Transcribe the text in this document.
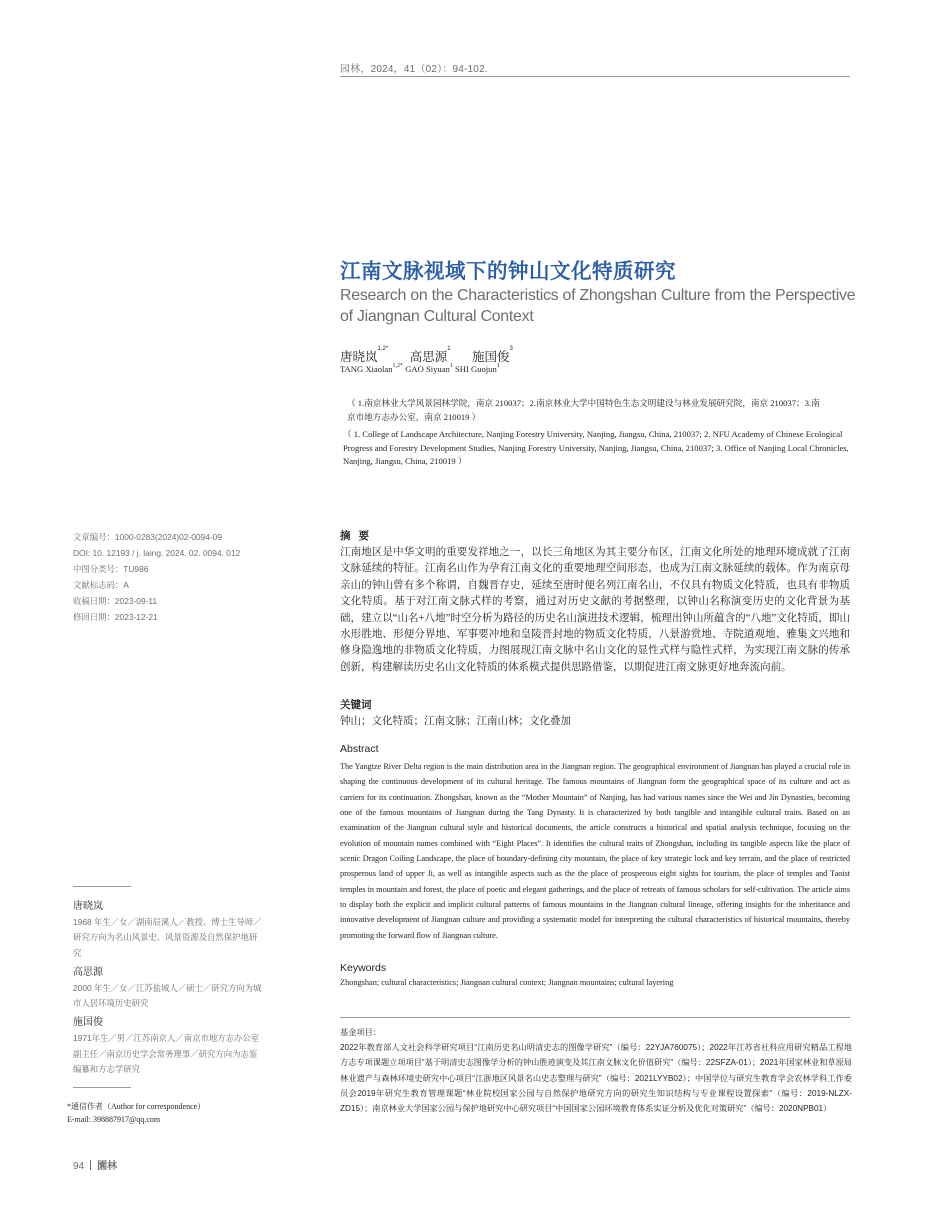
园林，2024，41（02）：94-102.
江南文脉视域下的钟山文化特质研究
Research on the Characteristics of Zhongshan Culture from the Perspective of Jiangnan Cultural Context
唐晓岚$^{1,2*}$ 高思源$^1$ 施国俊$^3$
TANG Xiaolan$^{1,2*}$ GAO Siyuan$^1$ SHI Guojun$^1$
（ 1.南京林业大学风景园林学院，南京 210037；2.南京林业大学中国特色生态文明建设与林业发展研究院，南京 210037；3.南京市地方志办公室，南京 210019 ）
（ 1. College of Landscape Architecture, Nanjing Forestry University, Nanjing, Jiangsu, China, 210037; 2. NFU Academy of Chinese Ecological Progress and Forestry Development Studies, Nanjing Forestry University, Nanjing, Jiangsu, China, 210037; 3. Office of Nanjing Local Chronicles, Nanjing, Jiangsu, China, 210019 ）
文章编号：1000-0283(2024)02-0094-09
DOI: 10. 12193 / j. laing. 2024. 02. 0094. 012
中图分类号：TU986
文献标志码：A
收稿日期：2023-09-11
修回日期：2023-12-21
摘要
江南地区是中华文明的重要发祥地之一，以长三角地区为其主要分布区，江南文化所处的地理环境成就了江南文脉延续的特征。江南名山作为孕育江南文化的重要地理空间形态，也成为江南文脉延续的载体。作为南京母亲山的钟山曾有多个称谓，自魏晋存史，延续至唐时便名列江南名山，不仅具有物质文化特质，也具有非物质文化特质。基于对江南文脉式样的考察，通过对历史文献的考据整理，以钟山名称演变历史的文化背景为基础，建立以“山名+八地”时空分析为路径的历史名山演进技术逻辑，梳理出钟山所蕴含的“八地”文化特质，即山水形胜地、形便分界地、军事要冲地和皇陵晋封地的物质文化特质，八景游赏地、寺院道观地、雅集文兴地和修身隐逸地的非物质文化特质，力图展现江南文脉中名山文化的显性式样与隐性式样，为实现江南文脉的传承创新，构建解读历史名山文化特质的体系模式提供思路借鉴，以期促进江南文脉更好地奔流向前。
关键词
钟山；文化特质；江南文脉；江南山林；文化叠加
Abstract
The Yangtze River Delta region is the main distribution area in the Jiangnan region. The geographical environment of Jiangnan has played a crucial role in shaping the continuous development of its cultural heritage. The famous mountains of Jiangnan form the geographical space of its culture and act as carriers for its continuation. Zhongshan, known as the “Mother Mountain” of Nanjing, has had various names since the Wei and Jin Dynasties, becoming one of the famous mountains of Jiangnan during the Tang Dynasty. It is characterized by both tangible and intangible cultural traits. Based on an examination of the Jiangnan cultural style and historical documents, the article constructs a historical and spatial analysis technique, focusing on the evolution of mountain names combined with “Eight Places”. It identifies the cultural traits of Zhongshan, including its tangible aspects like the place of scenic Dragon Coiling Landscape, the place of boundary-defining city mountain, the place of key strategic lock and key terrain, and the place of restricted prosperous land of upper Ji, as well as intangible aspects such as the the place of prosperous eight sights for tourism, the place of temples and Taoist temples in mountain and forest, the place of poetic and elegant gatherings, and the place of retreats of famous scholars for self-cultivation. The article aims to display both the explicit and implicit cultural patterns of famous mountains in the Jiangnan cultural lineage, offering insights for the inheritance and innovative development of Jiangnan culture and providing a systematic model for interpreting the cultural characteristics of historical mountains, thereby promoting the forward flow of Jiangnan culture.
Keywords
Zhongshan; cultural characteristics; Jiangnan cultural context; Jiangnan mountains; cultural layering
唐晓岚
1968 年生／女／湖南辰溪人／教授、博士生导师／研究方向为名山风景史、风景资源及自然保护地研究
高思源
2000 年生／女／江苏盐城人／硕士／研究方向为城市人居环境历史研究
施国俊
1971年生／男／江苏南京人／南京市地方志办公室副主任／南京历史学会常务理事／研究方向为志鉴编纂和方志学研究
*通信作者（Author for correspondence）
E-mail: 398887917@qq.com
基金项目：
2022年教育部人文社会科学研究项目“江南历史名山明清史志的图像学研究”（编号：22YJA760075）；2022年江苏省社科应用研究精品工程地方志专项课题立项项目“基于明清史志图像学分析的钟山胜迹演变及其江南文脉文化价值研究”（编号：22SFZA-01）；2021年国家林业和草原局林业遗产与森林环境史研究中心项目“江浙地区风景名山史志整理与研究”（编号：2021LYYB02）；中国学位与研究生教育学会农林学科工作委员会2019年研究生教育管理课题“林业院校国家公园与自然保护地研究方向的研究生知识结构与专业课程设置探索”（编号：2019-NLZX-ZD15）；南京林业大学国家公园与保护地研究中心研究项目“中国国家公园环境教育体系实证分析及优化对策研究”（编号：2020NPB01）
94 園林
